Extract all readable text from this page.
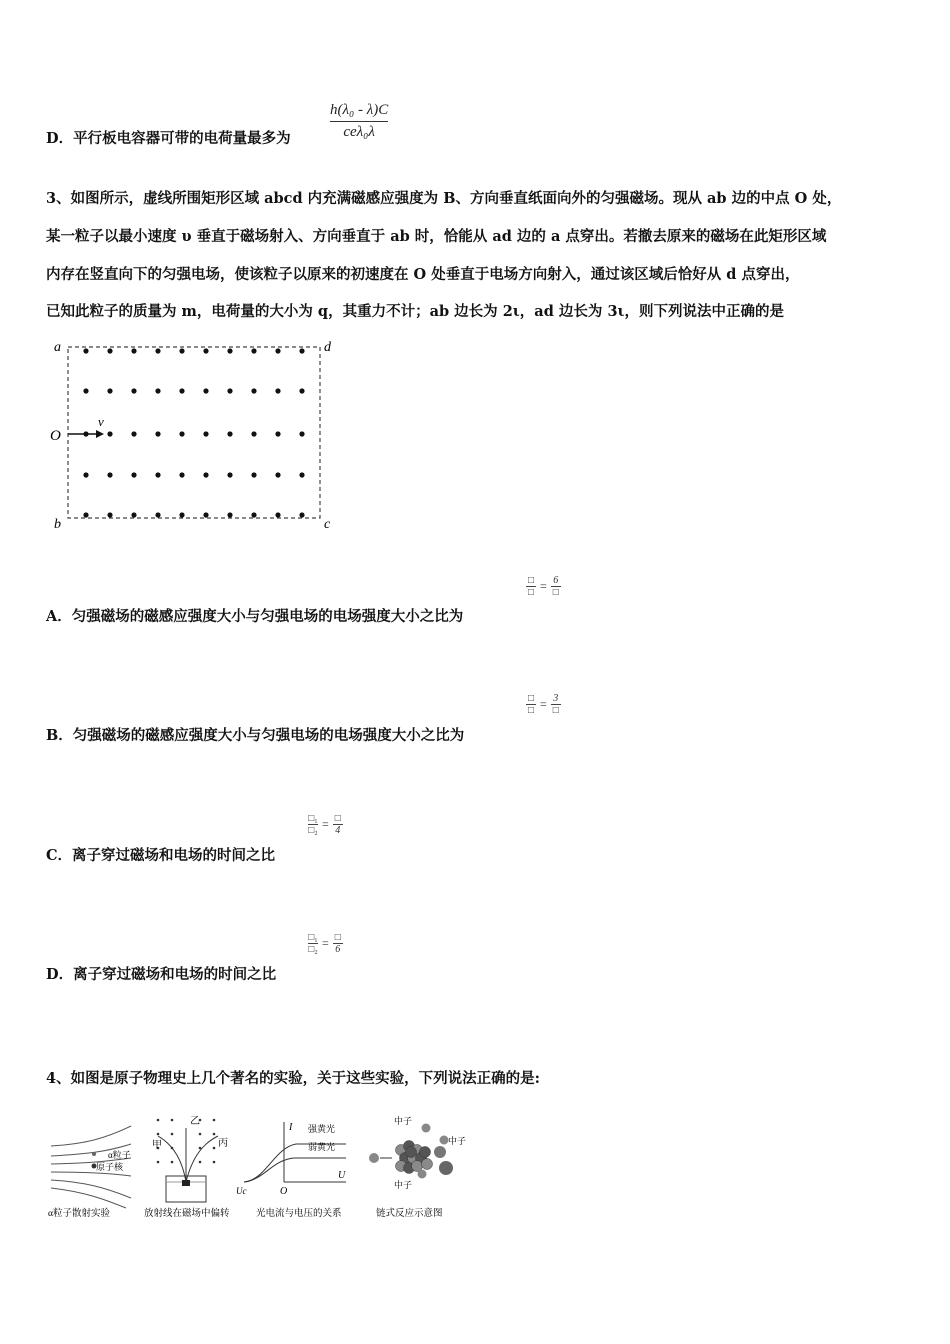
D．平行板电容器可带的电荷量最多为
h(λ₀ - λ)C
ceλ₀λ
3、如图所示，虚线所围矩形区域 abcd 内充满磁感应强度为 B、方向垂直纸面向外的匀强磁场。现从 ab 边的中点 O 处，
某一粒子以最小速度 υ 垂直于磁场射入、方向垂直于 ab 时，恰能从 ad 边的 a 点穿出。若撤去原来的磁场在此矩形区域
内存在竖直向下的匀强电场，使该粒子以原来的初速度在 O 处垂直于电场方向射入，通过该区域后恰好从 d 点穿出，
已知此粒子的质量为 m，电荷量的大小为 q，其重力不计；ab 边长为 2ι，ad 边长为 3ι，则下列说法中正确的是
a	d
b	c
O
v
□
□ = 6
□
A．匀强磁场的磁感应强度大小与匀强电场的电场强度大小之比为
□
□ = 3
□
B．匀强磁场的磁感应强度大小与匀强电场的电场强度大小之比为
□₁
□₂ = □
4
C．离子穿过磁场和电场的时间之比
□₁
□₂ = □
6
D．离子穿过磁场和电场的时间之比
4、如图是原子物理史上几个著名的实验，关于这些实验，下列说法正确的是:
α粒子
原子核
α粒子散射实验
甲
乙
丙
放射线在磁场中偏转
I
U
O
Uc
强黄光
弱黄光
光电流与电压的关系
中子
中子
中子
链式反应示意图
